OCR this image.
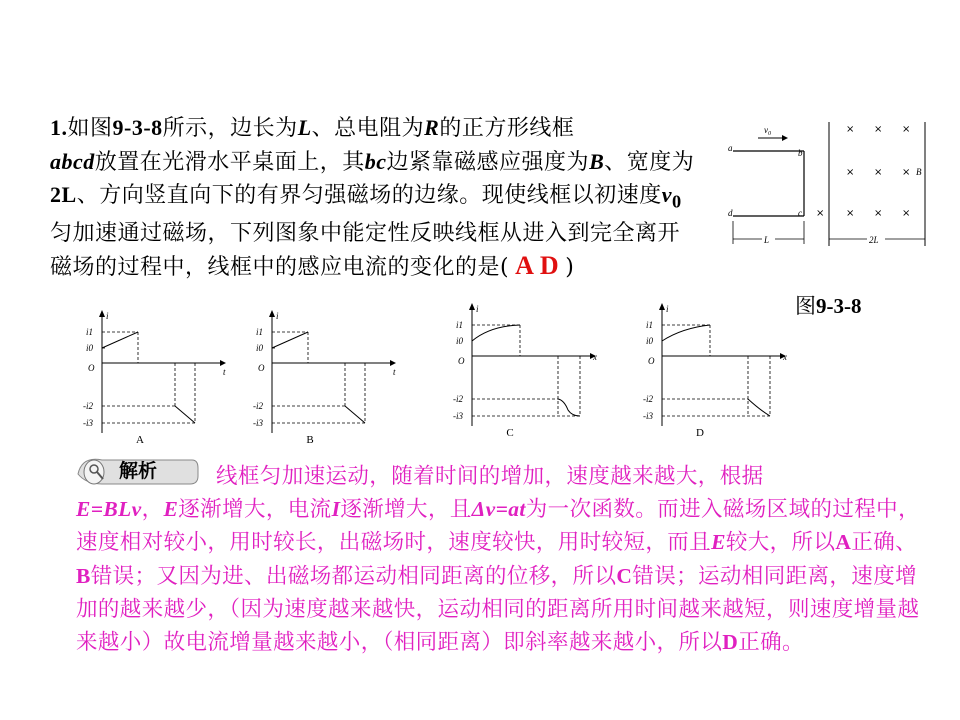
1.如图9-3-8所示，边长为L、总电阻为R的正方形线框
abcd放置在光滑水平桌面上，其bc边紧靠磁感应强度为B、宽度为2L、方向竖直向下的有界匀强磁场的边缘。现使线框以初速度$v_0$匀加速通过磁场，下列图象中能定性反映线框从进入到完全离开磁场的过程中，线框中的感应电流的变化的是( A D )
$v_0$
a	b
c
d
B
× × ×
× × ×
× × × ×
L	2L
图9-3-8
i
t
i1
i0
O
-i2
-i3
A
i
t
i1
i0
O
-i2
-i3
B
i
x
i1
i0
O
-i2
-i3
C
i
x
i1
i0
O
-i2
-i3
D
解析	线框匀加速运动，随着时间的增加，速度越来越大，根据
E=BLv，E逐渐增大，电流I逐渐增大，且Δv=at为一次函数。而进入磁场区域的过程中，速度相对较小，用时较长，出磁场时，速度较快，用时较短，而且E较大，所以A正确、B错误；又因为进、出磁场都运动相同距离的位移，所以C错误；运动相同距离，速度增加的越来越少，（因为速度越来越快，运动相同的距离所用时间越来越短，则速度增量越来越小）故电流增量越来越小，（相同距离）即斜率越来越小，所以D正确。
